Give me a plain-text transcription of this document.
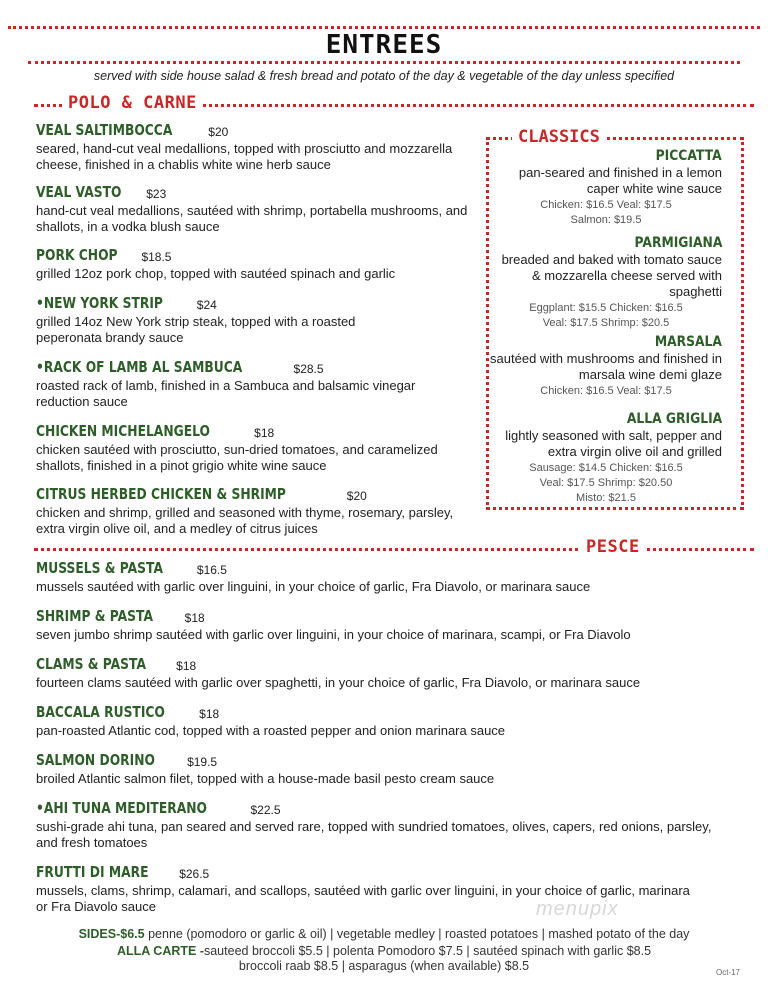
ENTREES
served with side house salad & fresh bread and potato of the day & vegetable of the day unless specified
POLO & CARNE
VEAL SALTIMBOCCA	$20
seared, hand-cut veal medallions, topped with prosciutto and mozzarella cheese, finished in a chablis white wine herb sauce
VEAL VASTO $23
hand-cut veal medallions, sautéed with shrimp, portabella mushrooms, and shallots, in a vodka blush sauce
PORK CHOP $18.5
grilled 12oz pork chop, topped with sautéed spinach and garlic
•NEW YORK STRIP	$24
grilled 14oz New York strip steak, topped with a roasted peperonata brandy sauce
•RACK OF LAMB AL SAMBUCA	$28.5
roasted rack of lamb, finished in a Sambuca and balsamic vinegar reduction sauce
CHICKEN MICHELANGELO	$18
chicken sautéed with prosciutto, sun-dried tomatoes, and caramelized shallots, finished in a pinot grigio white wine sauce
CITRUS HERBED CHICKEN & SHRIMP	$20
chicken and shrimp, grilled and seasoned with thyme, rosemary, parsley, extra virgin olive oil, and a medley of citrus juices
CLASSICS
PICCATTA
pan-seared and finished in a lemon caper white wine sauce
Chicken: $16.5 Veal: $17.5
Salmon: $19.5
PARMIGIANA
breaded and baked with tomato sauce & mozzarella cheese served with spaghetti
Eggplant: $15.5 Chicken: $16.5
Veal: $17.5 Shrimp: $20.5
MARSALA
sautéed with mushrooms and finished in marsala wine demi glaze
Chicken: $16.5 Veal: $17.5
ALLA GRIGLIA
lightly seasoned with salt, pepper and extra virgin olive oil and grilled
Sausage: $14.5 Chicken: $16.5
Veal: $17.5 Shrimp: $20.50
Misto: $21.5
PESCE
MUSSELS & PASTA	$16.5
mussels sautéed with garlic over linguini, in your choice of garlic, Fra Diavolo, or marinara sauce
SHRIMP & PASTA	$18
seven jumbo shrimp sautéed with garlic over linguini, in your choice of marinara, scampi, or Fra Diavolo
CLAMS & PASTA	$18
fourteen clams sautéed with garlic over spaghetti, in your choice of garlic, Fra Diavolo, or marinara sauce
BACCALA RUSTICO	$18
pan-roasted Atlantic cod, topped with a roasted pepper and onion marinara sauce
SALMON DORINO	$19.5
broiled Atlantic salmon filet, topped with a house-made basil pesto cream sauce
•AHI TUNA MEDITERANO	$22.5
sushi-grade ahi tuna, pan seared and served rare, topped with sundried tomatoes, olives, capers, red onions, parsley, and fresh tomatoes
FRUTTI DI MARE	$26.5
mussels, clams, shrimp, calamari, and scallops, sautéed with garlic over linguini, in your choice of garlic, marinara or Fra Diavolo sauce	menupix
SIDES-$6.5 penne (pomodoro or garlic & oil) | vegetable medley | roasted potatoes | mashed potato of the day
ALLA CARTE -sauteed broccoli $5.5 | polenta Pomodoro $7.5 | sautéed spinach with garlic $8.5
broccoli raab $8.5 | asparagus (when available) $8.5	Oct-17
